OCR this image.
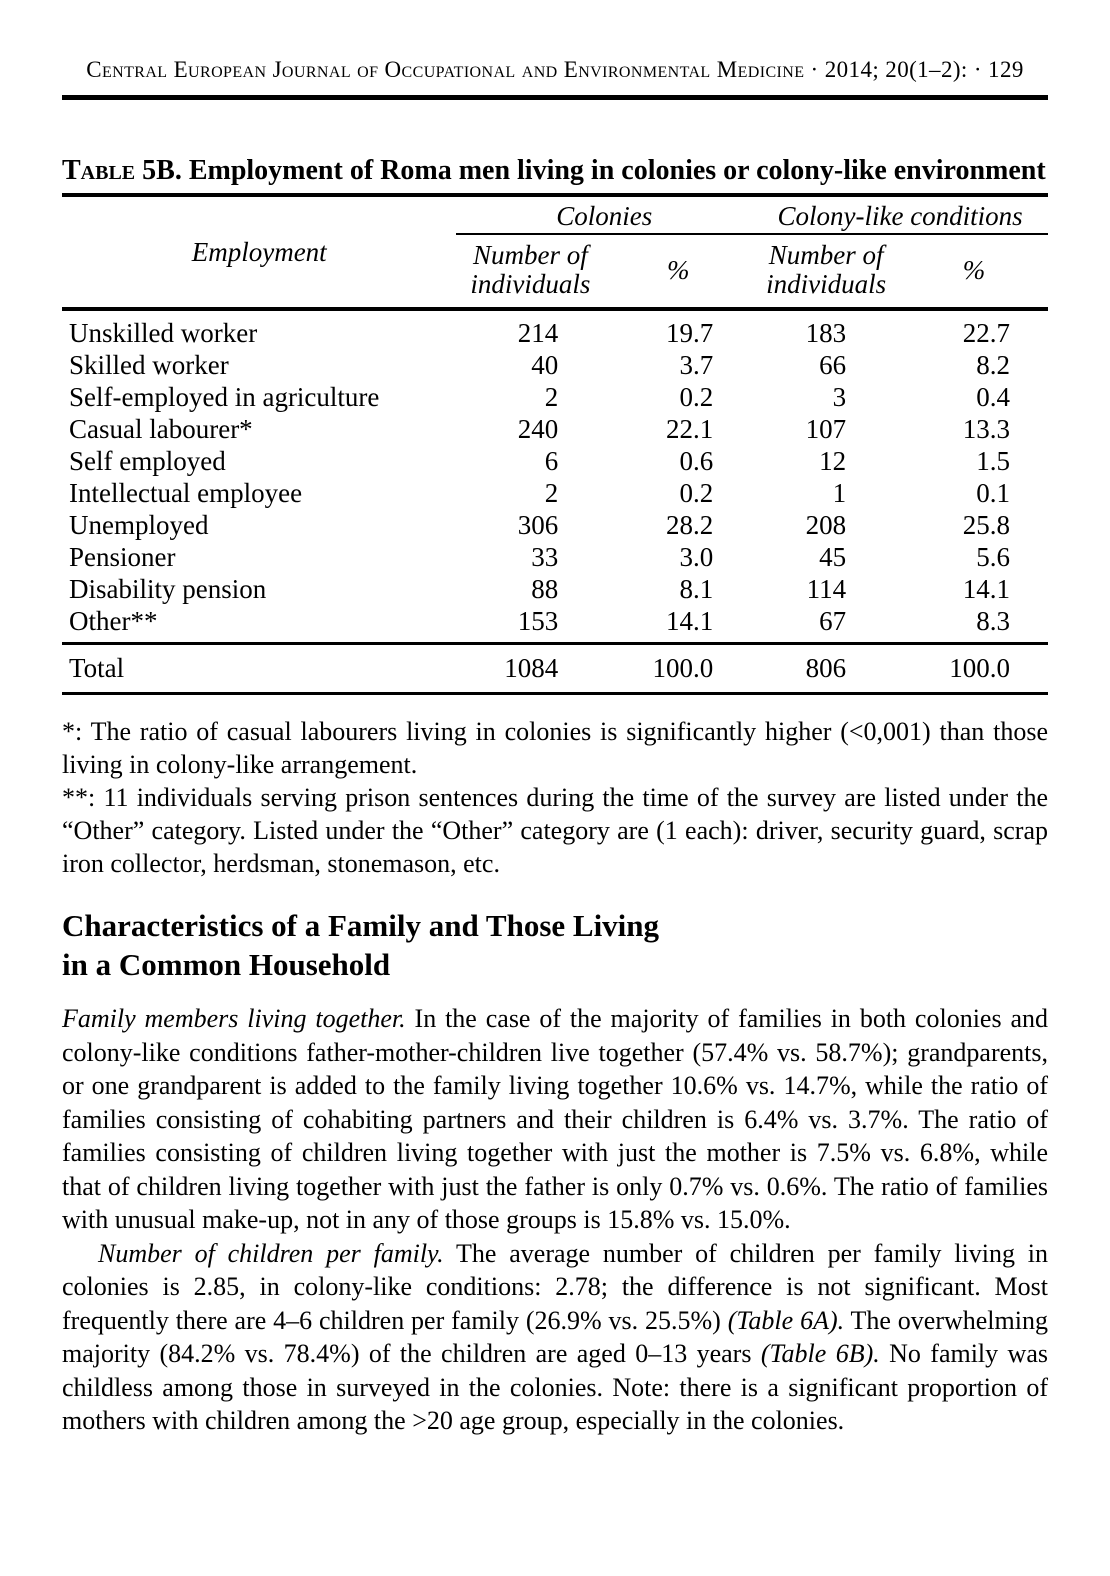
Central European Journal of Occupational and Environmental Medicine · 2014; 20(1–2): · 129

Table 5B. Employment of Roma men living in colonies or colony-like environment

Employment	Colonies		Colony-like conditions	
	Number of individuals	%	Number of individuals	%
Unskilled worker	214	19.7	183	22.7
Skilled worker	40	3.7	66	8.2
Self-employed in agriculture	2	0.2	3	0.4
Casual labourer*	240	22.1	107	13.3
Self employed	6	0.6	12	1.5
Intellectual employee	2	0.2	1	0.1
Unemployed	306	28.2	208	25.8
Pensioner	33	3.0	45	5.6
Disability pension	88	8.1	114	14.1
Other**	153	14.1	67	8.3
Total	1084	100.0	806	100.0

*: The ratio of casual labourers living in colonies is significantly higher (<0,001) than those living in colony-like arrangement.

**: 11 individuals serving prison sentences during the time of the survey are listed under the “Other” category. Listed under the “Other” category are (1 each): driver, security guard, scrap iron collector, herdsman, stonemason, etc.

Characteristics of a Family and Those Living
in a Common Household

Family members living together. In the case of the majority of families in both colonies and colony-like conditions father-mother-children live together (57.4% vs. 58.7%); grandparents, or one grandparent is added to the family living together 10.6% vs. 14.7%, while the ratio of families consisting of cohabiting partners and their children is 6.4% vs. 3.7%. The ratio of families consisting of children living together with just the mother is 7.5% vs. 6.8%, while that of children living together with just the father is only 0.7% vs. 0.6%. The ratio of families with unusual make-up, not in any of those groups is 15.8% vs. 15.0%.

Number of children per family. The average number of children per family living in colonies is 2.85, in colony-like conditions: 2.78; the difference is not significant. Most frequently there are 4–6 children per family (26.9% vs. 25.5%) (Table 6A). The overwhelming majority (84.2% vs. 78.4%) of the children are aged 0–13 years (Table 6B). No family was childless among those in surveyed in the colonies. Note: there is a significant proportion of mothers with children among the >20 age group, especially in the colonies.
